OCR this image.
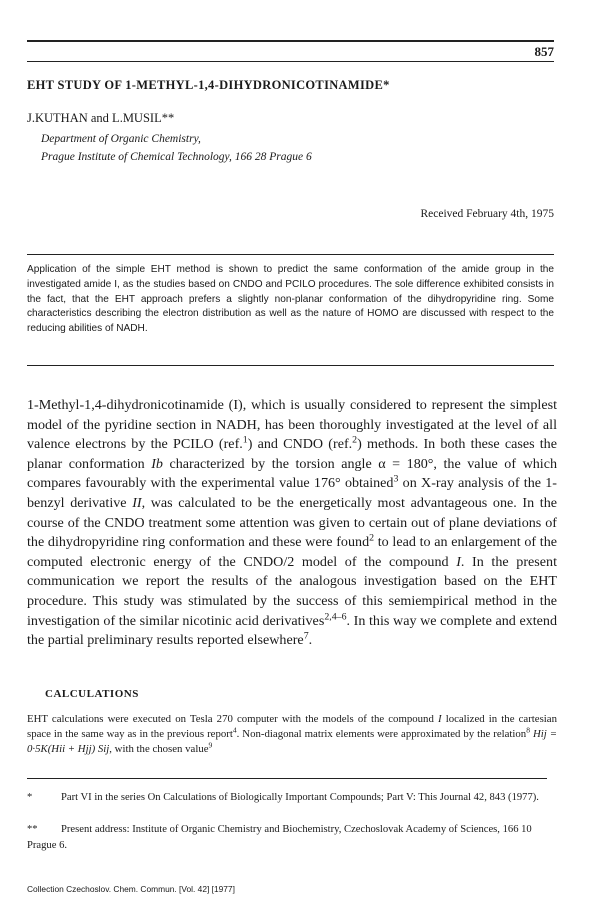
857
EHT STUDY OF 1-METHYL-1,4-DIHYDRONICOTINAMIDE*
J.KUTHAN and L.MUSIL**
Department of Organic Chemistry,
Prague Institute of Chemical Technology, 166 28 Prague 6
Received February 4th, 1975
Application of the simple EHT method is shown to predict the same conformation of the amide group in the investigated amide I, as the studies based on CNDO and PCILO procedures. The sole difference exhibited consists in the fact, that the EHT approach prefers a slightly non-planar conformation of the dihydropyridine ring. Some characteristics describing the electron distribution as well as the nature of HOMO are discussed with respect to the reducing abilities of NADH.
1-Methyl-1,4-dihydronicotinamide (I), which is usually considered to represent the simplest model of the pyridine section in NADH, has been thoroughly investigated at the level of all valence electrons by the PCILO (ref.$^1$) and CNDO (ref.$^2$) methods. In both these cases the planar conformation Ib characterized by the torsion angle α = 180°, the value of which compares favourably with the experimental value 176° obtained$^3$ on X-ray analysis of the 1-benzyl derivative II, was calculated to be the energetically most advantageous one. In the course of the CNDO treatment some attention was given to certain out of plane deviations of the dihydropyridine ring conformation and these were found$^2$ to lead to an enlargement of the computed electronic energy of the CNDO/2 model of the compound I. In the present communication we report the results of the analogous investigation based on the EHT procedure. This study was stimulated by the success of this semiempirical method in the investigation of the similar nicotinic acid derivatives$^{2,4-6}$. In this way we complete and extend the partial preliminary results reported elsewhere$^7$.
CALCULATIONS
EHT calculations were executed on Tesla 270 computer with the models of the compound I localized in the cartesian space in the same way as in the previous report$^4$. Non-diagonal matrix elements were approximated by the relation$^8$ Hij = 0·5K(Hii + Hjj) Sij, with the chosen value$^9$
*	Part VI in the series On Calculations of Biologically Important Compounds; Part V: This Journal 42, 843 (1977).
** Present address: Institute of Organic Chemistry and Biochemistry, Czechoslovak Academy of Sciences, 166 10 Prague 6.
Collection Czechoslov. Chem. Commun. [Vol. 42] [1977]
